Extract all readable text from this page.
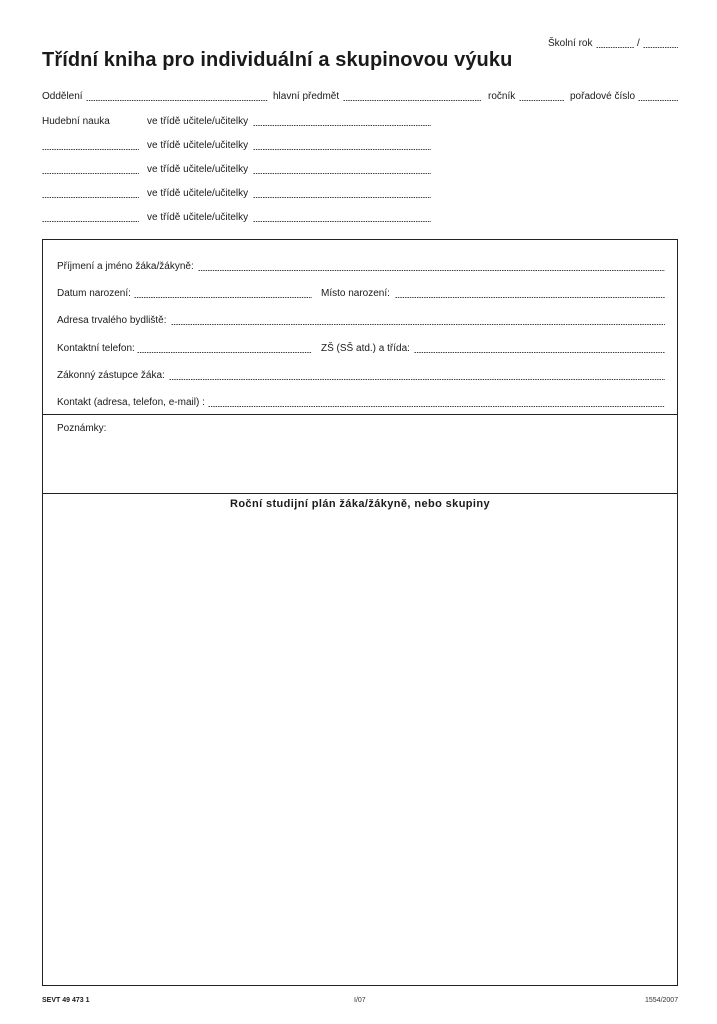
Školní rok	/
Třídní kniha pro individuální a skupinovou výuku
Oddělení	hlavní předmět	ročník	pořadové číslo
Hudební nauka	ve třídě učitele/učitelky
ve třídě učitele/učitelky
ve třídě učitele/učitelky
ve třídě učitele/učitelky
ve třídě učitele/učitelky
Příjmení a jméno žáka/žákyně:
Datum narození:	Místo narození:
Adresa trvalého bydliště:
Kontaktní telefon:	ZŠ (SŠ atd.) a třída:
Zákonný zástupce žáka:
Kontakt (adresa, telefon, e-mail) :
Poznámky:
Roční studijní plán žáka/žákyně, nebo skupiny
SEVT 49 473 1	I/07	1554/2007
